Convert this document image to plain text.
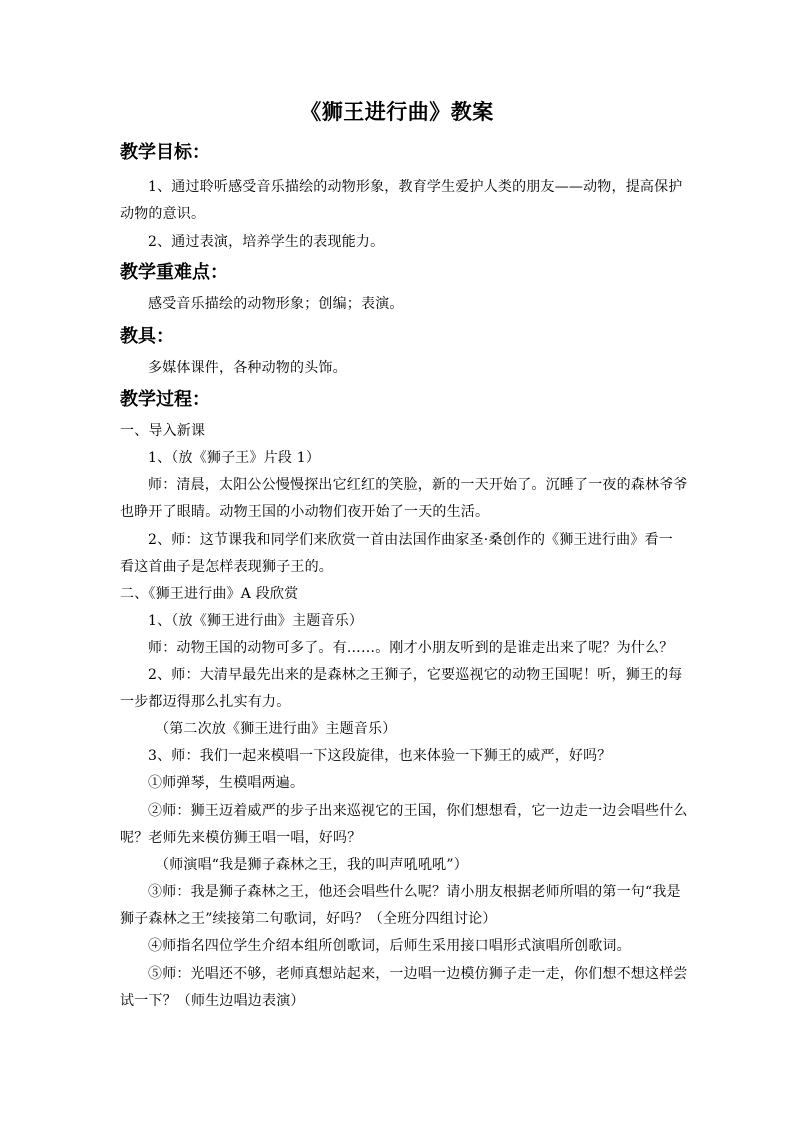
《狮王进行曲》教案
教学目标：
1、通过聆听感受音乐描绘的动物形象，教育学生爱护人类的朋友——动物，提高保护
动物的意识。
2、通过表演，培养学生的表现能力。
教学重难点：
感受音乐描绘的动物形象；创编；表演。
教具：
多媒体课件，各种动物的头饰。
教学过程：
一、导入新课
1、（放《狮子王》片段 1）
师：清晨，太阳公公慢慢探出它红红的笑脸，新的一天开始了。沉睡了一夜的森林爷爷
也睁开了眼睛。动物王国的小动物们夜开始了一天的生活。
2、师：这节课我和同学们来欣赏一首由法国作曲家圣·桑创作的《狮王进行曲》看一
看这首曲子是怎样表现狮子王的。
二、《狮王进行曲》A 段欣赏
1、（放《狮王进行曲》主题音乐）
师：动物王国的动物可多了。有……。刚才小朋友听到的是谁走出来了呢？为什么？
2、师：大清早最先出来的是森林之王狮子，它要巡视它的动物王国呢！听，狮王的每
一步都迈得那么扎实有力。
（第二次放《狮王进行曲》主题音乐）
3、师：我们一起来模唱一下这段旋律，也来体验一下狮王的威严，好吗？
①师弹琴，生模唱两遍。
②师：狮王迈着威严的步子出来巡视它的王国，你们想想看，它一边走一边会唱些什么
呢？老师先来模仿狮王唱一唱，好吗？
（师演唱“我是狮子森林之王，我的叫声吼吼吼”）
③师：我是狮子森林之王，他还会唱些什么呢？请小朋友根据老师所唱的第一句“我是
狮子森林之王”续接第二句歌词，好吗？（全班分四组讨论）
④师指名四位学生介绍本组所创歌词，后师生采用接口唱形式演唱所创歌词。
⑤师：光唱还不够，老师真想站起来，一边唱一边模仿狮子走一走，你们想不想这样尝
试一下？（师生边唱边表演）
